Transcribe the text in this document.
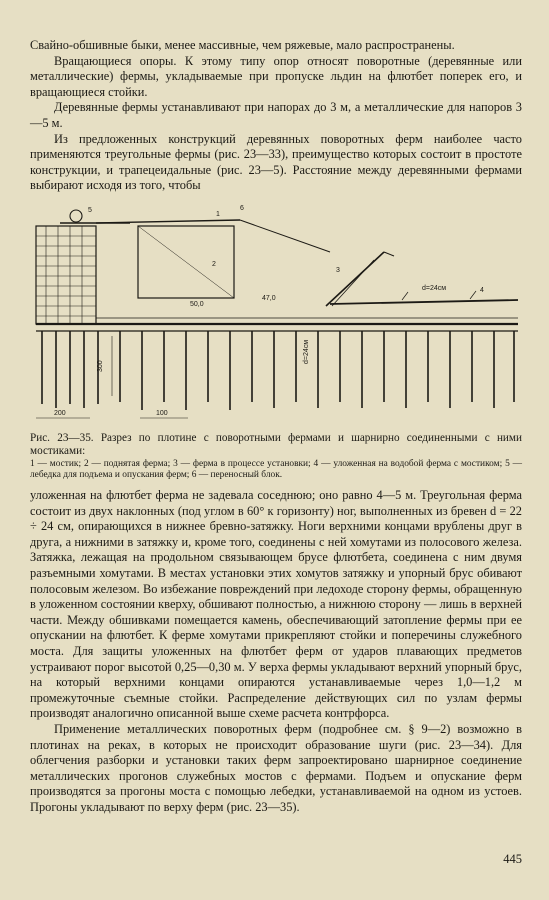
Свайно-обшивные быки, менее массивные, чем ряжевые, мало распространены.

Вращающиеся опоры. К этому типу опор относят поворотные (деревянные или металлические) фермы, укладываемые при пропуске льдин на флютбет поперек его, и вращающиеся стойки.

Деревянные фермы устанавливают при напорах до 3 м, а металлические для напоров 3—5 м.

Из предложенных конструкций деревянных поворотных ферм наиболее часто применяются треугольные фермы (рис. 23—33), преимущество которых состоит в простоте конструкции, и трапецеидальные (рис. 23—5). Расстояние между деревянными фермами выбирают исходя из того, чтобы

5	6
1
2
3
4
200	100
300
d=24см
d=24см
50,0
47,0
Рис. 23—35. Разрез по плотине с поворотными фермами и шарнирно соединенными с ними мостиками:
1 — мостик; 2 — поднятая ферма; 3 — ферма в процессе установки; 4 — уложенная на водобой ферма с мостиком; 5 — лебедка для подъема и опускания ферм; 6 — переносный блок.

уложенная на флютбет ферма не задевала соседнюю; оно равно 4—5 м. Треугольная ферма состоит из двух наклонных (под углом в 60° к горизонту) ног, выполненных из бревен d = 22 ÷ 24 см, опирающихся в нижнее бревно-затяжку. Ноги верхними концами врублены друг в друга, а нижними в затяжку и, кроме того, соединены с ней хомутами из полосового железа. Затяжка, лежащая на продольном связывающем брусе флютбета, соединена с ним двумя разъемными хомутами. В местах установки этих хомутов затяжку и упорный брус обивают полосовым железом. Во избежание повреждений при ледоходе сторону фермы, обращенную в уложенном состоянии кверху, обшивают полностью, а нижнюю сторону — лишь в верхней части. Между обшивками помещается камень, обеспечивающий затопление фермы при ее опускании на флютбет. К ферме хомутами прикрепляют стойки и поперечины служебного моста. Для защиты уложенных на флютбет ферм от ударов плавающих предметов устраивают порог высотой 0,25—0,30 м. У верха фермы укладывают верхний упорный брус, на который верхними концами опираются устанавливаемые через 1,0—1,2 м промежуточные съемные стойки. Распределение действующих сил по узлам фермы производят аналогично описанной выше схеме расчета контрфорса.

Применение металлических поворотных ферм (подробнее см. § 9—2) возможно в плотинах на реках, в которых не происходит образование шуги (рис. 23—34). Для облегчения разборки и установки таких ферм запроектировано шарнирное соединение металлических прогонов служебных мостов с фермами. Подъем и опускание ферм производятся за прогоны моста с помощью лебедки, устанавливаемой на одном из устоев. Прогоны укладывают по верху ферм (рис. 23—35).

445
